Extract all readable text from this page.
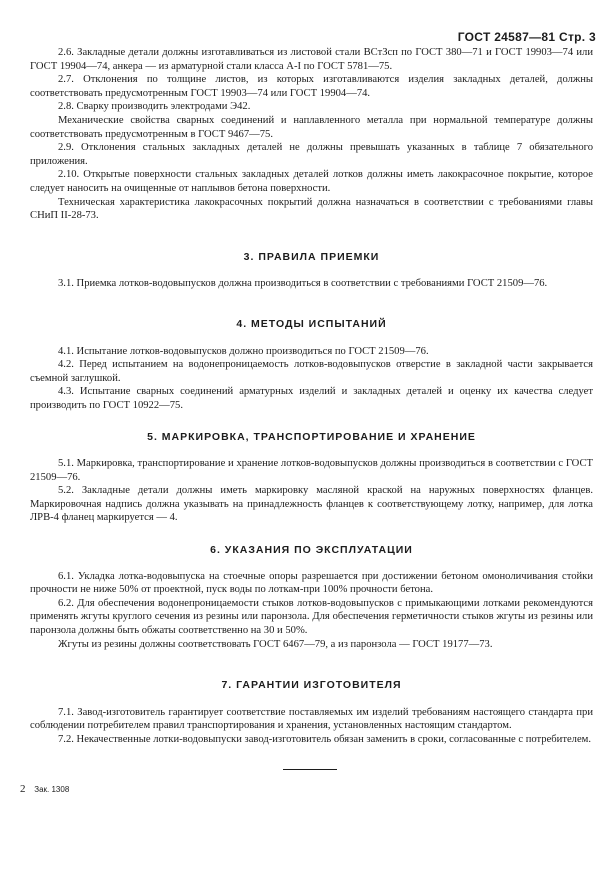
ГОСТ 24587—81 Стр. 3

2.6. Закладные детали должны изготавливаться из листовой стали ВСтЗсп по ГОСТ 380—71 и ГОСТ 19903—74 или ГОСТ 19904—74, анкера — из арматурной стали класса А-I по ГОСТ 5781—75.

2.7. Отклонения по толщине листов, из которых изготавливаются изделия закладных деталей, должны соответствовать предусмотренным ГОСТ 19903—74 или ГОСТ 19904—74.

2.8. Сварку производить электродами Э42.

Механические свойства сварных соединений и наплавленного металла при нормальной температуре должны соответствовать предусмотренным в ГОСТ 9467—75.

2.9. Отклонения стальных закладных деталей не должны превышать указанных в таблице 7 обязательного приложения.

2.10. Открытые поверхности стальных закладных деталей лотков должны иметь лакокрасочное покрытие, которое следует наносить на очищенные от наплывов бетона поверхности.

Техническая характеристика лакокрасочных покрытий должна назначаться в соответствии с требованиями главы СНиП II-28-73.

3. ПРАВИЛА ПРИЕМКИ

3.1. Приемка лотков-водовыпусков должна производиться в соответствии с требованиями ГОСТ 21509—76.

4. МЕТОДЫ ИСПЫТАНИЙ

4.1. Испытание лотков-водовыпусков должно производиться по ГОСТ 21509—76.

4.2. Перед испытанием на водонепроницаемость лотков-водовыпусков отверстие в закладной части закрывается съемной заглушкой.

4.3. Испытание сварных соединений арматурных изделий и закладных деталей и оценку их качества следует производить по ГОСТ 10922—75.

5. МАРКИРОВКА, ТРАНСПОРТИРОВАНИЕ И ХРАНЕНИЕ

5.1. Маркировка, транспортирование и хранение лотков-водовыпусков должны производиться в соответствии с ГОСТ 21509—76.

5.2. Закладные детали должны иметь маркировку масляной краской на наружных поверхностях фланцев. Маркировочная надпись должна указывать на принадлежность фланцев к соответствующему лотку, например, для лотка ЛРВ-4 фланец маркируется — 4.

6. УКАЗАНИЯ ПО ЭКСПЛУАТАЦИИ

6.1. Укладка лотка-водовыпуска на стоечные опоры разрешается при достижении бетоном омоноличивания стойки прочности не ниже 50% от проектной, пуск воды по лоткам-при 100% прочности бетона.

6.2. Для обеспечения водонепроницаемости стыков лотков-водовыпусков с примыкающими лотками рекомендуются применять жгуты круглого сечения из резины или паронзола. Для обеспечения герметичности стыков жгуты из резины или паронзола должны быть обжаты соответственно на 30 и 50%.

Жгуты из резины должны соответствовать ГОСТ 6467—79, а из паронзола — ГОСТ 19177—73.

7. ГАРАНТИИ ИЗГОТОВИТЕЛЯ

7.1. Завод-изготовитель гарантирует соответствие поставляемых им изделий требованиям настоящего стандарта при соблюдении потребителем правил транспортирования и хранения, установленных настоящим стандартом.

7.2. Некачественные лотки-водовыпуски завод-изготовитель обязан заменить в сроки, согласованные с потребителем.

2 Зак. 1308
